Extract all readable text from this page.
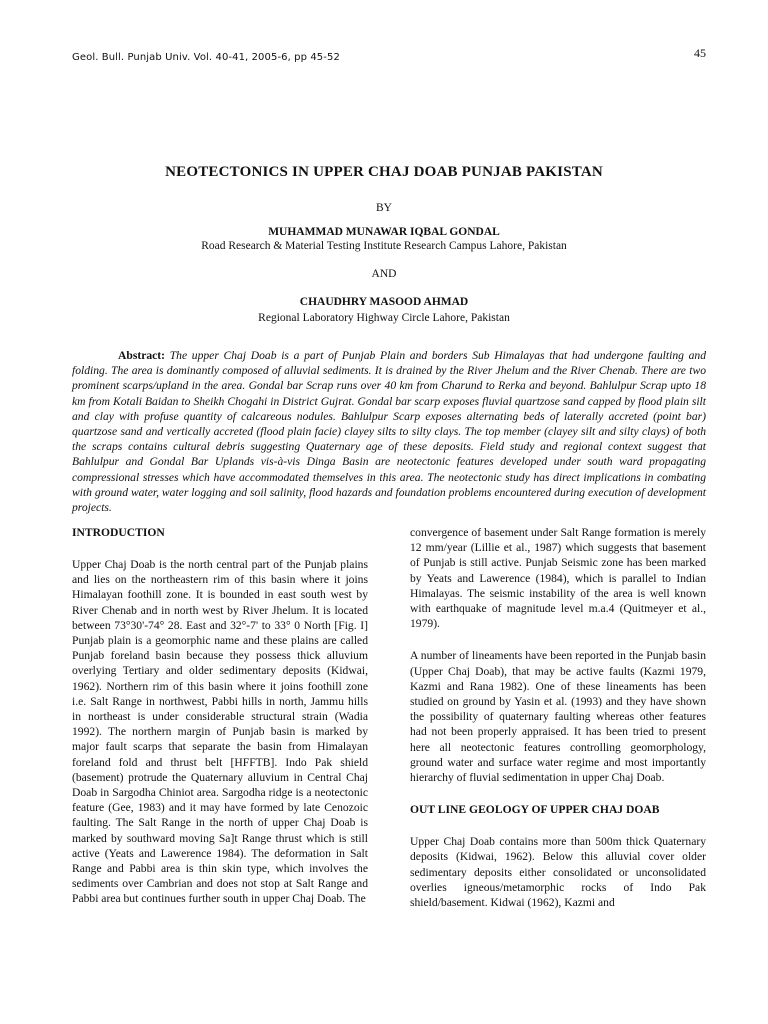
Geol. Bull. Punjab Univ. Vol. 40-41, 2005-6, pp 45-52	45
NEOTECTONICS IN UPPER CHAJ DOAB PUNJAB PAKISTAN
BY
MUHAMMAD MUNAWAR IQBAL GONDAL
Road Research & Material Testing Institute Research Campus Lahore, Pakistan
AND
CHAUDHRY MASOOD AHMAD
Regional Laboratory Highway Circle Lahore, Pakistan
Abstract: The upper Chaj Doab is a part of Punjab Plain and borders Sub Himalayas that had undergone faulting and folding. The area is dominantly composed of alluvial sediments. It is drained by the River Jhelum and the River Chenab. There are two prominent scarps/upland in the area. Gondal bar Scrap runs over 40 km from Charund to Rerka and beyond. Bahlulpur Scrap upto 18 km from Kotali Baidan to Sheikh Chogahi in District Gujrat. Gondal bar scarp exposes fluvial quartzose sand capped by flood plain silt and clay with profuse quantity of calcareous nodules. Bahlulpur Scarp exposes alternating beds of laterally accreted (point bar) quartzose sand and vertically accreted (flood plain facie) clayey silts to silty clays. The top member (clayey silt and silty clays) of both the scraps contains cultural debris suggesting Quaternary age of these deposits. Field study and regional context suggest that Bahlulpur and Gondal Bar Uplands vis-à-vis Dinga Basin are neotectonic features developed under south ward propagating compressional stresses which have accommodated themselves in this area. The neotectonic study has direct implications in combating with ground water, water logging and soil salinity, flood hazards and foundation problems encountered during execution of development projects.
INTRODUCTION

Upper Chaj Doab is the north central part of the Punjab plains and lies on the northeastern rim of this basin where it joins Himalayan foothill zone. It is bounded in east south west by River Chenab and in north west by River Jhelum. It is located between 73°30'-74° 28. East and 32°-7' to 33° 0 North [Fig. I] Punjab plain is a geomorphic name and these plains are called Punjab foreland basin because they possess thick alluvium overlying Tertiary and older sedimentary deposits (Kidwai, 1962). Northern rim of this basin where it joins foothill zone i.e. Salt Range in northwest, Pabbi hills in north, Jammu hills in northeast is under considerable structural strain (Wadia 1992). The northern margin of Punjab basin is marked by major fault scarps that separate the basin from Himalayan foreland fold and thrust belt [HFFTB]. Indo Pak shield (basement) protrude the Quaternary alluvium in Central Chaj Doab in Sargodha Chiniot area. Sargodha ridge is a neotectonic feature (Gee, 1983) and it may have formed by late Cenozoic faulting. The Salt Range in the north of upper Chaj Doab is marked by southward moving Sa]t Range thrust which is still active (Yeats and Lawerence 1984). The deformation in Salt Range and Pabbi area is thin skin type, which involves the sediments over Cambrian and does not stop at Salt Range and Pabbi area but continues further south in upper Chaj Doab. The

convergence of basement under Salt Range formation is merely 12 mm/year (Lillie et al., 1987) which suggests that basement of Punjab is still active. Punjab Seismic zone has been marked by Yeats and Lawerence (1984), which is parallel to Indian Himalayas. The seismic instability of the area is well known with earthquake of magnitude level m.a.4 (Quitmeyer et al., 1979).

A number of lineaments have been reported in the Punjab basin (Upper Chaj Doab), that may be active faults (Kazmi 1979, Kazmi and Rana 1982). One of these lineaments has been studied on ground by Yasin et al. (1993) and they have shown the possibility of quaternary faulting whereas other features had not been properly appraised. It has been tried to present here all neotectonic features controlling geomorphology, ground water and surface water regime and most importantly hierarchy of fluvial sedimentation in upper Chaj Doab.

OUT LINE GEOLOGY OF UPPER CHAJ DOAB

Upper Chaj Doab contains more than 500m thick Quaternary deposits (Kidwai, 1962). Below this alluvial cover older sedimentary deposits either consolidated or unconsolidated overlies igneous/metamorphic rocks of Indo Pak shield/basement. Kidwai (1962), Kazmi and
